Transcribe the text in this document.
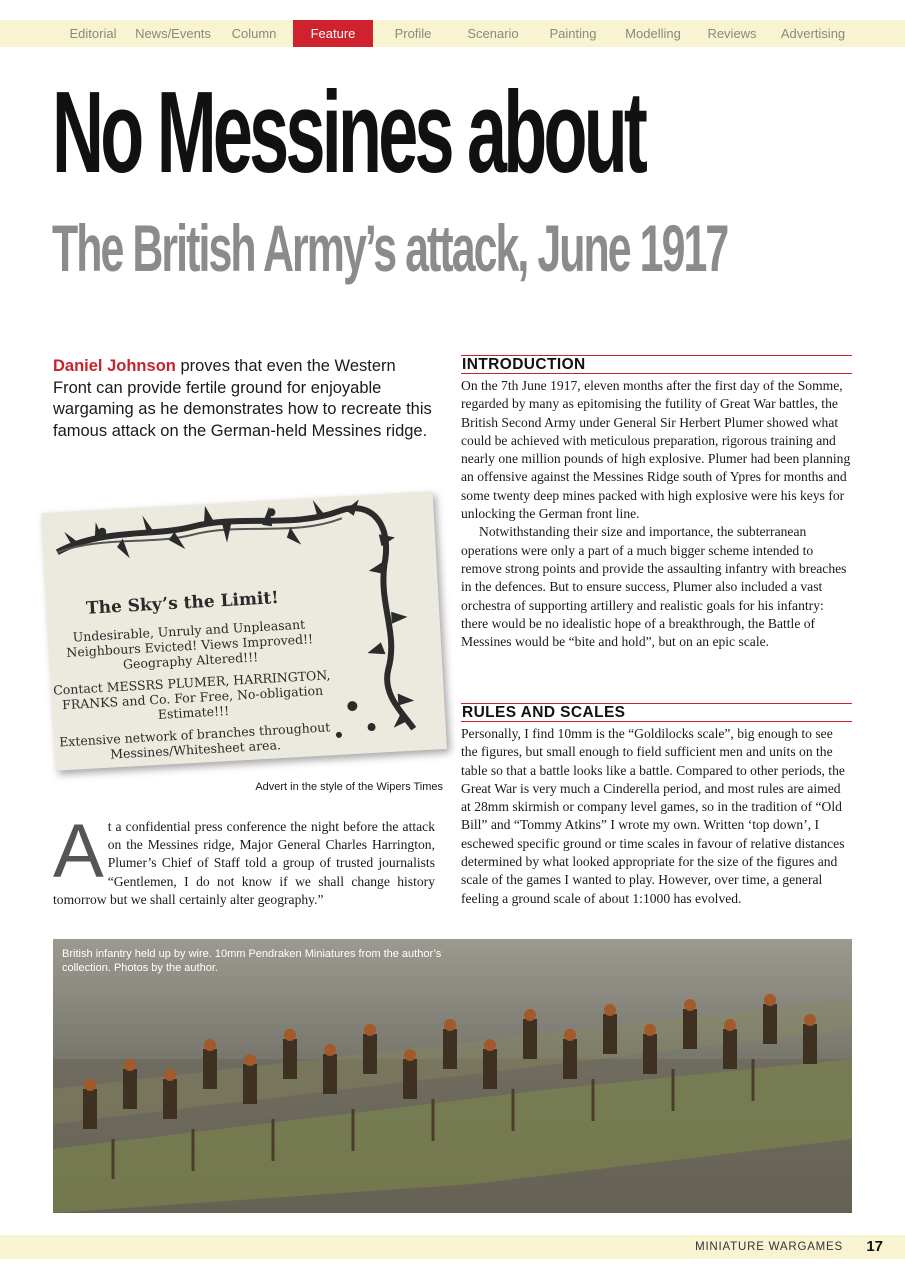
Editorial	News/Events	Column	Feature	Profile	Scenario	Painting	Modelling	Reviews	Advertising
No Messines about
The British Army’s attack, June 1917

Daniel Johnson proves that even the Western Front can provide fertile ground for enjoyable wargaming as he demonstrates how to recreate this famous attack on the German-held Messines ridge.

The Sky’s the Limit!
Undesirable, Unruly and Unpleasant Neighbours Evicted! Views Improved!! Geography Altered!!!
Contact MESSRS PLUMER, HARRINGTON, FRANKS and Co. For Free, No-obligation Estimate!!!
Extensive network of branches throughout Messines/Whitesheet area.
Advert in the style of the Wipers Times
A t a confidential press conference the night before the attack on the Messines ridge, Major General Charles Harrington, Plumer’s Chief of Staff told a group of trusted journalists “Gentlemen, I do not know if we shall change history tomorrow but we shall certainly alter geography.”
INTRODUCTION

On the 7th June 1917, eleven months after the first day of the Somme, regarded by many as epitomising the futility of Great War battles, the British Second Army under General Sir Herbert Plumer showed what could be achieved with meticulous preparation, rigorous training and nearly one million pounds of high explosive. Plumer had been planning an offensive against the Messines Ridge south of Ypres for months and some twenty deep mines packed with high explosive were his keys for unlocking the German front line.

Notwithstanding their size and importance, the subterranean operations were only a part of a much bigger scheme intended to remove strong points and provide the assaulting infantry with breaches in the defences. But to ensure success, Plumer also included a vast orchestra of supporting artillery and realistic goals for his infantry: there would be no idealistic hope of a breakthrough, the Battle of Messines would be “bite and hold”, but on an epic scale.

RULES AND SCALES

Personally, I find 10mm is the “Goldilocks scale”, big enough to see the figures, but small enough to field sufficient men and units on the table so that a battle looks like a battle. Compared to other periods, the Great War is very much a Cinderella period, and most rules are aimed at 28mm skirmish or company level games, so in the tradition of “Old Bill” and “Tommy Atkins” I wrote my own. Written ‘top down’, I eschewed specific ground or time scales in favour of relative distances determined by what looked appropriate for the size of the figures and scale of the games I wanted to play. However, over time, a general feeling a ground scale of about 1:1000 has evolved.

British infantry held up by wire. 10mm Pendraken Miniatures from the author’s collection. Photos by the author.
MINIATURE WARGAMES 17
